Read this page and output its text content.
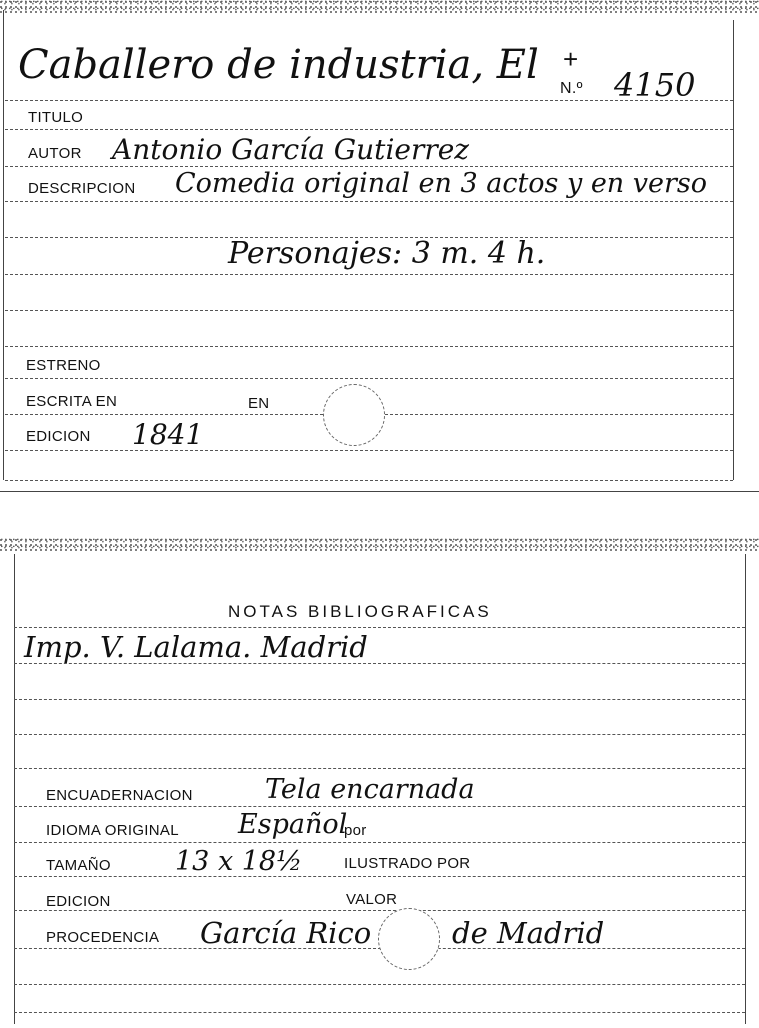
Caballero de industria, El +
N.º 4150
TITULO
AUTOR Antonio García Gutierrez
DESCRIPCION Comedia original en 3 actos y en verso
Personajes: 3 m. 4 h.
ESTRENO
ESCRITA EN	EN
EDICION 1841
NOTAS BIBLIOGRAFICAS
Imp. V. Lalama. Madrid
ENCUADERNACION	Tela encarnada
IDIOMA ORIGINAL Español
por
TAMAÑO 13 x 18½	ILUSTRADO POR
EDICION	VALOR
PROCEDENCIA García Rico	de Madrid
